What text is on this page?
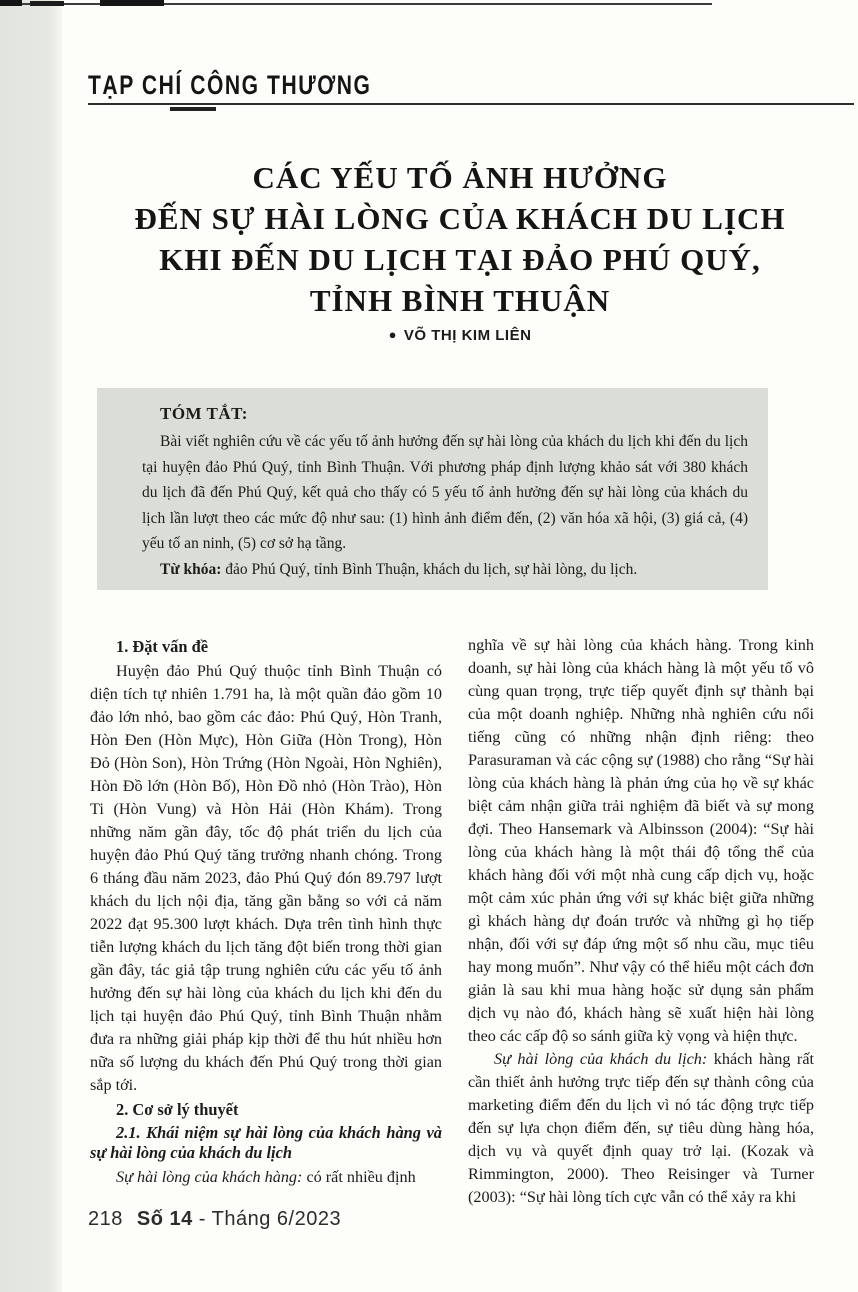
TẠP CHÍ CÔNG THƯƠNG
CÁC YẾU TỐ ẢNH HƯỞNG
ĐẾN SỰ HÀI LÒNG CỦA KHÁCH DU LỊCH
KHI ĐẾN DU LỊCH TẠI ĐẢO PHÚ QUÝ,
TỈNH BÌNH THUẬN
● VÕ THỊ KIM LIÊN

TÓM TẮT:

Bài viết nghiên cứu về các yếu tố ảnh hưởng đến sự hài lòng của khách du lịch khi đến du lịch tại huyện đảo Phú Quý, tỉnh Bình Thuận. Với phương pháp định lượng khảo sát với 380 khách du lịch đã đến Phú Quý, kết quả cho thấy có 5 yếu tố ảnh hưởng đến sự hài lòng của khách du lịch lần lượt theo các mức độ như sau: (1) hình ảnh điểm đến, (2) văn hóa xã hội, (3) giá cả, (4) yếu tố an ninh, (5) cơ sở hạ tầng.

Từ khóa: đảo Phú Quý, tỉnh Bình Thuận, khách du lịch, sự hài lòng, du lịch.

1. Đặt vấn đề

Huyện đảo Phú Quý thuộc tỉnh Bình Thuận có diện tích tự nhiên 1.791 ha, là một quần đảo gồm 10 đảo lớn nhỏ, bao gồm các đảo: Phú Quý, Hòn Tranh, Hòn Đen (Hòn Mực), Hòn Giữa (Hòn Trong), Hòn Đỏ (Hòn Son), Hòn Trứng (Hòn Ngoài, Hòn Nghiên), Hòn Đồ lớn (Hòn Bố), Hòn Đồ nhỏ (Hòn Trào), Hòn Ti (Hòn Vung) và Hòn Hải (Hòn Khám). Trong những năm gần đây, tốc độ phát triển du lịch của huyện đảo Phú Quý tăng trưởng nhanh chóng. Trong 6 tháng đầu năm 2023, đảo Phú Quý đón 89.797 lượt khách du lịch nội địa, tăng gần bằng so với cả năm 2022 đạt 95.300 lượt khách. Dựa trên tình hình thực tiễn lượng khách du lịch tăng đột biến trong thời gian gần đây, tác giả tập trung nghiên cứu các yếu tố ảnh hưởng đến sự hài lòng của khách du lịch khi đến du lịch tại huyện đảo Phú Quý, tỉnh Bình Thuận nhằm đưa ra những giải pháp kịp thời để thu hút nhiều hơn nữa số lượng du khách đến Phú Quý trong thời gian sắp tới.

2. Cơ sở lý thuyết
2.1. Khái niệm sự hài lòng của khách hàng và sự hài lòng của khách du lịch

Sự hài lòng của khách hàng: có rất nhiều định

nghĩa về sự hài lòng của khách hàng. Trong kinh doanh, sự hài lòng của khách hàng là một yếu tố vô cùng quan trọng, trực tiếp quyết định sự thành bại của một doanh nghiệp. Những nhà nghiên cứu nổi tiếng cũng có những nhận định riêng: theo Parasuraman và các cộng sự (1988) cho rằng “Sự hài lòng của khách hàng là phản ứng của họ về sự khác biệt cảm nhận giữa trải nghiệm đã biết và sự mong đợi. Theo Hansemark và Albinsson (2004): “Sự hài lòng của khách hàng là một thái độ tổng thể của khách hàng đối với một nhà cung cấp dịch vụ, hoặc một cảm xúc phản ứng với sự khác biệt giữa những gì khách hàng dự đoán trước và những gì họ tiếp nhận, đối với sự đáp ứng một số nhu cầu, mục tiêu hay mong muốn”. Như vậy có thể hiểu một cách đơn giản là sau khi mua hàng hoặc sử dụng sản phẩm dịch vụ nào đó, khách hàng sẽ xuất hiện hài lòng theo các cấp độ so sánh giữa kỳ vọng và hiện thực.

Sự hài lòng của khách du lịch: khách hàng rất cần thiết ảnh hưởng trực tiếp đến sự thành công của marketing điểm đến du lịch vì nó tác động trực tiếp đến sự lựa chọn điểm đến, sự tiêu dùng hàng hóa, dịch vụ và quyết định quay trở lại. (Kozak và Rimmington, 2000). Theo Reisinger và Turner (2003): “Sự hài lòng tích cực vẫn có thể xảy ra khi

218 Số 14 - Tháng 6/2023
